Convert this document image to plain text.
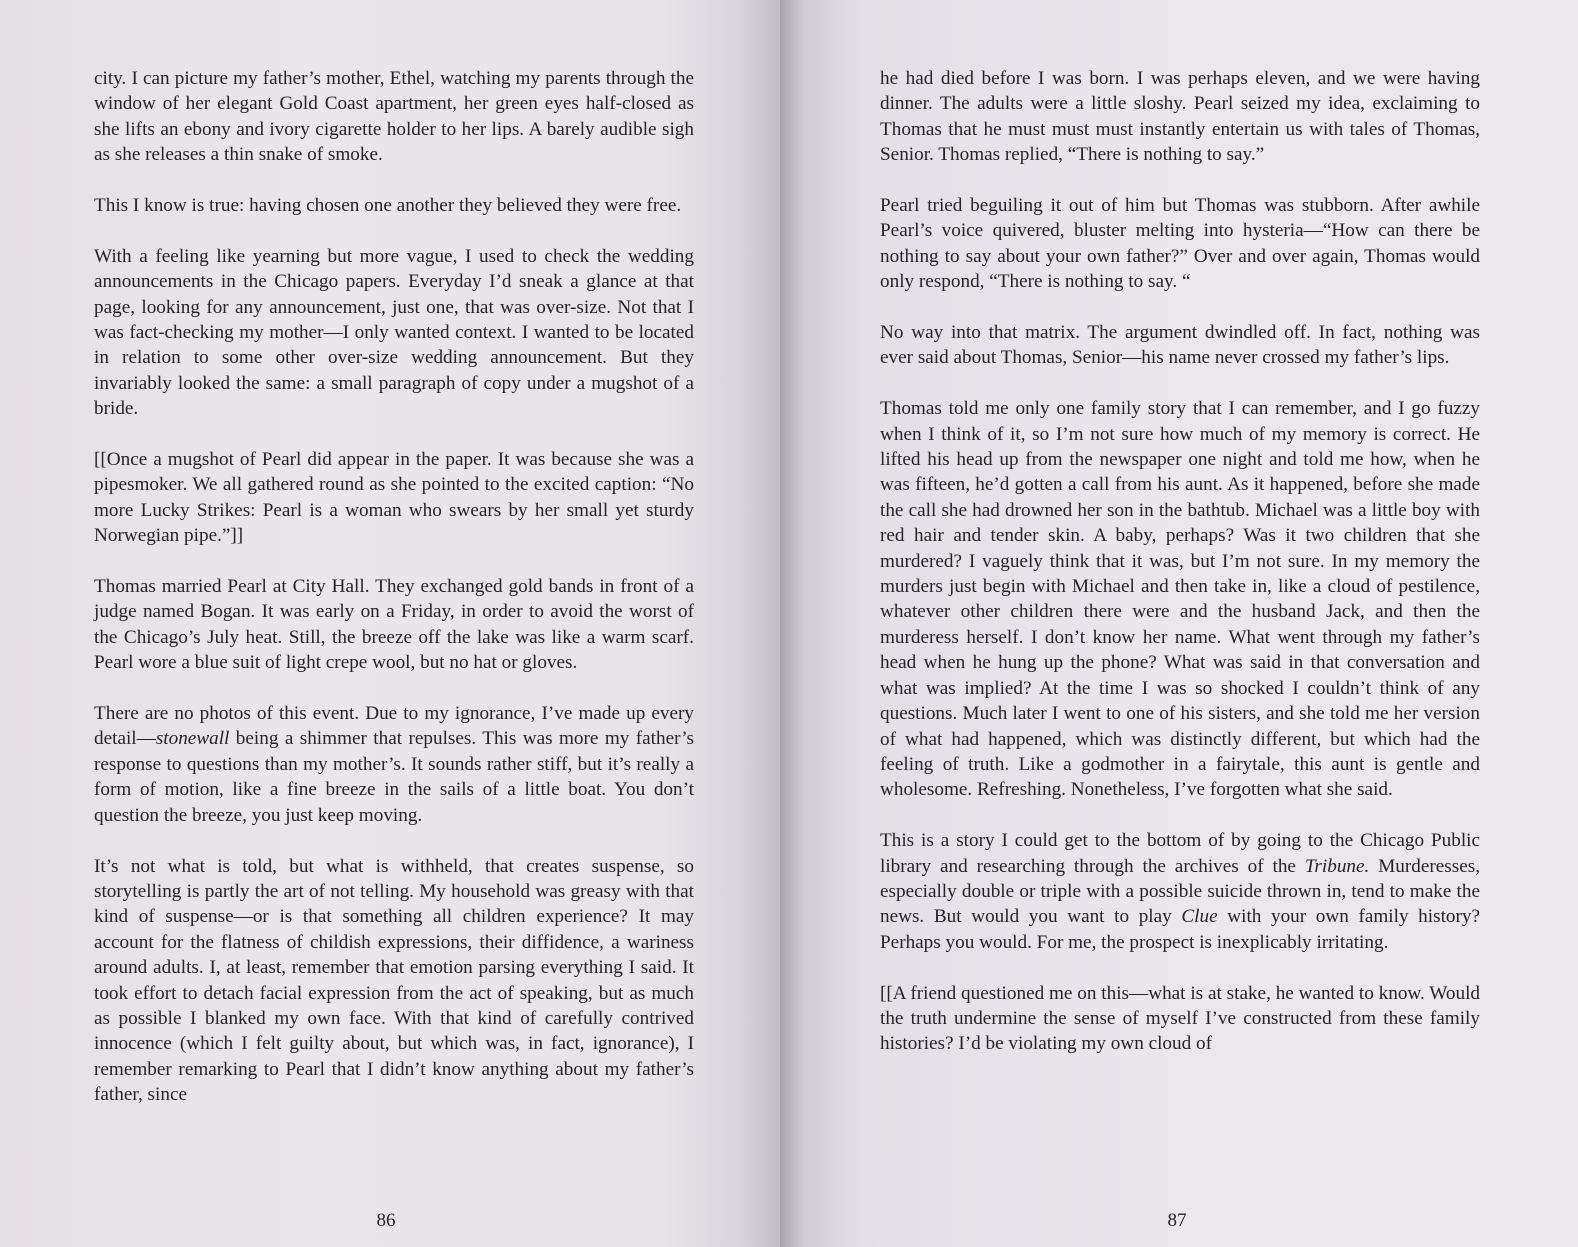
city. I can picture my father’s mother, Ethel, watching my parents through the window of her elegant Gold Coast apartment, her green eyes half-closed as she lifts an ebony and ivory cigarette holder to her lips. A barely audible sigh as she releases a thin snake of smoke.

This I know is true: having chosen one another they believed they were free.

With a feeling like yearning but more vague, I used to check the wedding announcements in the Chicago papers. Everyday I’d sneak a glance at that page, looking for any announcement, just one, that was over-size. Not that I was fact-checking my mother—I only wanted context. I wanted to be located in relation to some other over-size wedding announcement. But they invariably looked the same: a small paragraph of copy under a mugshot of a bride.

[[Once a mugshot of Pearl did appear in the paper. It was because she was a pipesmoker. We all gathered round as she pointed to the excited caption: “No more Lucky Strikes: Pearl is a woman who swears by her small yet sturdy Norwegian pipe.”]]

Thomas married Pearl at City Hall. They exchanged gold bands in front of a judge named Bogan. It was early on a Friday, in order to avoid the worst of the Chicago’s July heat. Still, the breeze off the lake was like a warm scarf. Pearl wore a blue suit of light crepe wool, but no hat or gloves.

There are no photos of this event. Due to my ignorance, I’ve made up every detail—stonewall being a shimmer that repulses. This was more my father’s response to questions than my mother’s. It sounds rather stiff, but it’s really a form of motion, like a fine breeze in the sails of a little boat. You don’t question the breeze, you just keep moving.

It’s not what is told, but what is withheld, that creates suspense, so storytelling is partly the art of not telling. My household was greasy with that kind of suspense—or is that something all children experience? It may account for the flatness of childish expressions, their diffidence, a wariness around adults. I, at least, remember that emotion parsing everything I said. It took effort to detach facial expression from the act of speaking, but as much as possible I blanked my own face. With that kind of carefully contrived innocence (which I felt guilty about, but which was, in fact, ignorance), I remember remarking to Pearl that I didn’t know anything about my father’s father, since

86

he had died before I was born. I was perhaps eleven, and we were having dinner. The adults were a little sloshy. Pearl seized my idea, exclaiming to Thomas that he must must must instantly entertain us with tales of Thomas, Senior. Thomas replied, “There is nothing to say.”

Pearl tried beguiling it out of him but Thomas was stubborn. After awhile Pearl’s voice quivered, bluster melting into hysteria—“How can there be nothing to say about your own father?” Over and over again, Thomas would only respond, “There is nothing to say. “

No way into that matrix. The argument dwindled off. In fact, nothing was ever said about Thomas, Senior—his name never crossed my father’s lips.

Thomas told me only one family story that I can remember, and I go fuzzy when I think of it, so I’m not sure how much of my memory is correct. He lifted his head up from the newspaper one night and told me how, when he was fifteen, he’d gotten a call from his aunt. As it happened, before she made the call she had drowned her son in the bathtub. Michael was a little boy with red hair and tender skin. A baby, perhaps? Was it two children that she murdered? I vaguely think that it was, but I’m not sure. In my memory the murders just begin with Michael and then take in, like a cloud of pestilence, whatever other children there were and the husband Jack, and then the murderess herself. I don’t know her name. What went through my father’s head when he hung up the phone? What was said in that conversation and what was implied? At the time I was so shocked I couldn’t think of any questions. Much later I went to one of his sisters, and she told me her version of what had happened, which was distinctly different, but which had the feeling of truth. Like a godmother in a fairytale, this aunt is gentle and wholesome. Refreshing. Nonetheless, I’ve forgotten what she said.

This is a story I could get to the bottom of by going to the Chicago Public library and researching through the archives of the Tribune. Murderesses, especially double or triple with a possible suicide thrown in, tend to make the news. But would you want to play Clue with your own family history? Perhaps you would. For me, the prospect is inexplicably irritating.

[[A friend questioned me on this—what is at stake, he wanted to know. Would the truth undermine the sense of myself I’ve constructed from these family histories? I’d be violating my own cloud of

87
